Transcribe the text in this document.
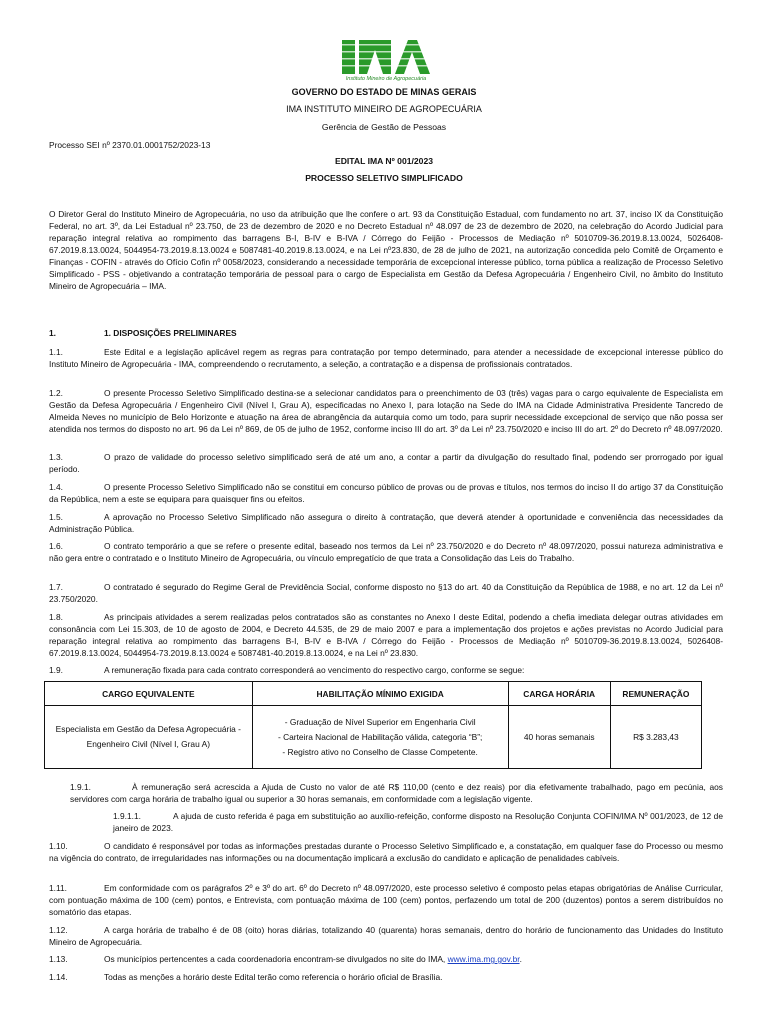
Instituto Mineiro de Agropecuária
GOVERNO DO ESTADO DE MINAS GERAIS
IMA INSTITUTO MINEIRO DE AGROPECUÁRIA
Gerência de Gestão de Pessoas
Processo SEI nº 2370.01.0001752/2023-13
EDITAL IMA Nº 001/2023
PROCESSO SELETIVO SIMPLIFICADO
O Diretor Geral do Instituto Mineiro de Agropecuária, no uso da atribuição que lhe confere o art. 93 da Constituição Estadual, com fundamento no art. 37, inciso IX da Constituição Federal, no art. 3º, da Lei Estadual nº 23.750, de 23 de dezembro de 2020 e no Decreto Estadual nº 48.097 de 23 de dezembro de 2020, na celebração do Acordo Judicial para reparação integral relativa ao rompimento das barragens B-I, B-IV e B-IVA / Córrego do Feijão - Processos de Mediação nº 5010709-36.2019.8.13.0024, 5026408-67.2019.8.13.0024, 5044954-73.2019.8.13.0024 e 5087481-40.2019.8.13.0024, e na Lei nº23.830, de 28 de julho de 2021, na autorização concedida pelo Comitê de Orçamento e Finanças - COFIN - através do Ofício Cofin nº 0058/2023, considerando a necessidade temporária de excepcional interesse público, torna pública a realização de Processo Seletivo Simplificado - PSS - objetivando a contratação temporária de pessoal para o cargo de Especialista em Gestão da Defesa Agropecuária / Engenheiro Civil, no âmbito do Instituto Mineiro de Agropecuária – IMA.
1.	1. DISPOSIÇÕES PRELIMINARES
1.1.	Este Edital e a legislação aplicável regem as regras para contratação por tempo determinado, para atender a necessidade de excepcional interesse público do Instituto Mineiro de Agropecuária - IMA, compreendendo o recrutamento, a seleção, a contratação e a dispensa de profissionais contratados.
1.2.	O presente Processo Seletivo Simplificado destina-se a selecionar candidatos para o preenchimento de 03 (três) vagas para o cargo equivalente de Especialista em Gestão da Defesa Agropecuária / Engenheiro Civil (Nível I, Grau A), especificadas no Anexo I, para lotação na Sede do IMA na Cidade Administrativa Presidente Tancredo de Almeida Neves no município de Belo Horizonte e atuação na área de abrangência da autarquia como um todo, para suprir necessidade excepcional de serviço que não possa ser atendida nos termos do disposto no art. 96 da Lei nº 869, de 05 de julho de 1952, conforme inciso III do art. 3º da Lei nº 23.750/2020 e inciso III do art. 2º do Decreto nº 48.097/2020.
1.3.	O prazo de validade do processo seletivo simplificado será de até um ano, a contar a partir da divulgação do resultado final, podendo ser prorrogado por igual período.
1.4.	O presente Processo Seletivo Simplificado não se constitui em concurso público de provas ou de provas e títulos, nos termos do inciso II do artigo 37 da Constituição da República, nem a este se equipara para quaisquer fins ou efeitos.
1.5.	A aprovação no Processo Seletivo Simplificado não assegura o direito à contratação, que deverá atender à oportunidade e conveniência das necessidades da Administração Pública.
1.6.	O contrato temporário a que se refere o presente edital, baseado nos termos da Lei nº 23.750/2020 e do Decreto nº 48.097/2020, possui natureza administrativa e não gera entre o contratado e o Instituto Mineiro de Agropecuária, ou vínculo empregatício de que trata a Consolidação das Leis do Trabalho.
1.7.	O contratado é segurado do Regime Geral de Previdência Social, conforme disposto no §13 do art. 40 da Constituição da República de 1988, e no art. 12 da Lei nº 23.750/2020.
1.8.	As principais atividades a serem realizadas pelos contratados são as constantes no Anexo I deste Edital, podendo a chefia imediata delegar outras atividades em consonância com Lei 15.303, de 10 de agosto de 2004, e Decreto 44.535, de 29 de maio 2007 e para a implementação dos projetos e ações previstas no Acordo Judicial para reparação integral relativa ao rompimento das barragens B-I, B-IV e B-IVA / Córrego do Feijão - Processos de Mediação nº 5010709-36.2019.8.13.0024, 5026408-67.2019.8.13.0024, 5044954-73.2019.8.13.0024 e 5087481-40.2019.8.13.0024, e na Lei nº 23.830.
1.9.	A remuneração fixada para cada contrato corresponderá ao vencimento do respectivo cargo, conforme se segue:
CARGO EQUIVALENTE	HABILITAÇÃO MÍNIMO EXIGIDA	CARGA HORÁRIA	REMUNERAÇÃO
Especialista em Gestão da Defesa Agropecuária - Engenheiro Civil (Nível I, Grau A)	- Graduação de Nível Superior em Engenharia Civil
- Carteira Nacional de Habilitação válida, categoria “B”;
- Registro ativo no Conselho de Classe Competente.	40 horas semanais	R$ 3.283,43
1.9.1.	À remuneração será acrescida a Ajuda de Custo no valor de até R$ 110,00 (cento e dez reais) por dia efetivamente trabalhado, pago em pecúnia, aos servidores com carga horária de trabalho igual ou superior a 30 horas semanais, em conformidade com a legislação vigente.
1.9.1.1.	A ajuda de custo referida é paga em substituição ao auxílio-refeição, conforme disposto na Resolução Conjunta COFIN/IMA Nº 001/2023, de 12 de janeiro de 2023.
1.10.	O candidato é responsável por todas as informações prestadas durante o Processo Seletivo Simplificado e, a constatação, em qualquer fase do Processo ou mesmo na vigência do contrato, de irregularidades nas informações ou na documentação implicará a exclusão do candidato e aplicação de penalidades cabíveis.
1.11.	Em conformidade com os parágrafos 2º e 3º do art. 6º do Decreto nº 48.097/2020, este processo seletivo é composto pelas etapas obrigatórias de Análise Curricular, com pontuação máxima de 100 (cem) pontos, e Entrevista, com pontuação máxima de 100 (cem) pontos, perfazendo um total de 200 (duzentos) pontos a serem distribuídos no somatório das etapas.
1.12.	A carga horária de trabalho é de 08 (oito) horas diárias, totalizando 40 (quarenta) horas semanais, dentro do horário de funcionamento das Unidades do Instituto Mineiro de Agropecuária.
1.13.	Os municípios pertencentes a cada coordenadoria encontram-se divulgados no site do IMA, www.ima.mg.gov.br.
1.14.	Todas as menções a horário deste Edital terão como referencia o horário oficial de Brasília.
